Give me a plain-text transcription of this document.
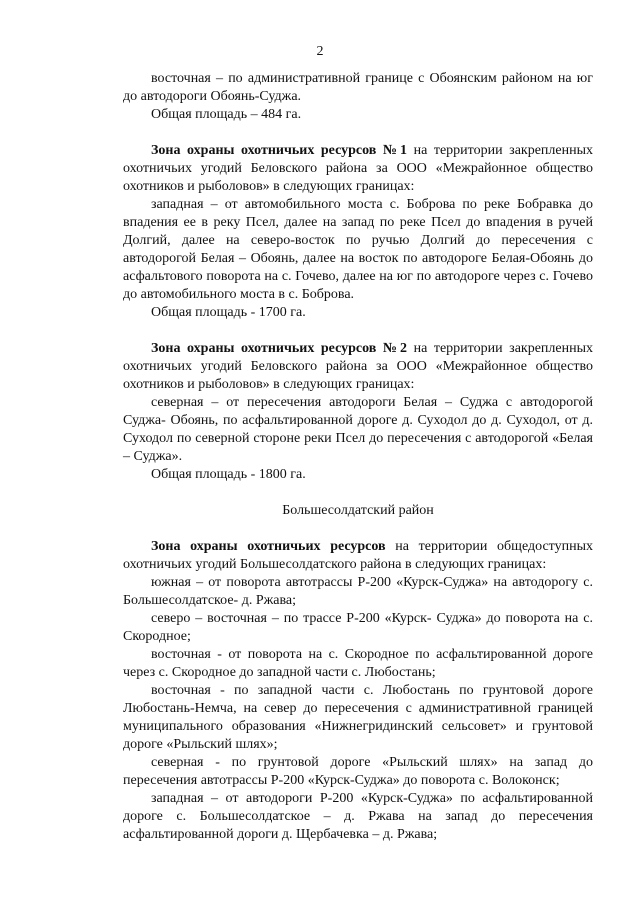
2

восточная – по административной границе с Обоянским районом на юг до автодороги Обоянь-Суджа.

Общая площадь – 484 га.

Зона охраны охотничьих ресурсов №1 на территории закрепленных охотничьих угодий Беловского района за ООО «Межрайонное общество охотников и рыболовов» в следующих границах:

западная – от автомобильного моста с. Боброва по реке Бобравка до впадения ее в реку Псел, далее на запад по реке Псел до впадения в ручей Долгий, далее на северо-восток по ручью Долгий до пересечения с автодорогой Белая – Обоянь, далее на восток по автодороге Белая-Обоянь до асфальтового поворота на с. Гочево, далее на юг по автодороге через с. Гочево до автомобильного моста в с. Боброва.

Общая площадь - 1700 га.

Зона охраны охотничьих ресурсов №2 на территории закрепленных охотничьих угодий Беловского района за ООО «Межрайонное общество охотников и рыболовов» в следующих границах:

северная – от пересечения автодороги Белая – Суджа с автодорогой Суджа- Обоянь, по асфальтированной дороге д. Суходол до д. Суходол, от д. Суходол по северной стороне реки Псел до пересечения с автодорогой «Белая – Суджа».

Общая площадь - 1800 га.

Большесолдатский район

Зона охраны охотничьих ресурсов на территории общедоступных охотничьих угодий Большесолдатского района в следующих границах:

южная – от поворота автотрассы Р-200 «Курск-Суджа» на автодорогу с. Большесолдатское- д. Ржава;

северо – восточная – по трассе Р-200 «Курск- Суджа» до поворота на с. Скородное;

восточная - от поворота на с. Скородное по асфальтированной дороге через с. Скородное до западной части с. Любостань;

восточная - по западной части с. Любостань по грунтовой дороге Любостань-Немча, на север до пересечения с административной границей муниципального образования «Нижнегридинский сельсовет» и грунтовой дороге «Рыльский шлях»;

северная - по грунтовой дороге «Рыльский шлях» на запад до пересечения автотрассы Р-200 «Курск-Суджа» до поворота с. Волоконск;

западная – от автодороги Р-200 «Курск-Суджа» по асфальтированной дороге с. Большесолдатское – д. Ржава на запад до пересечения асфальтированной дороги д. Щербачевка – д. Ржава;
